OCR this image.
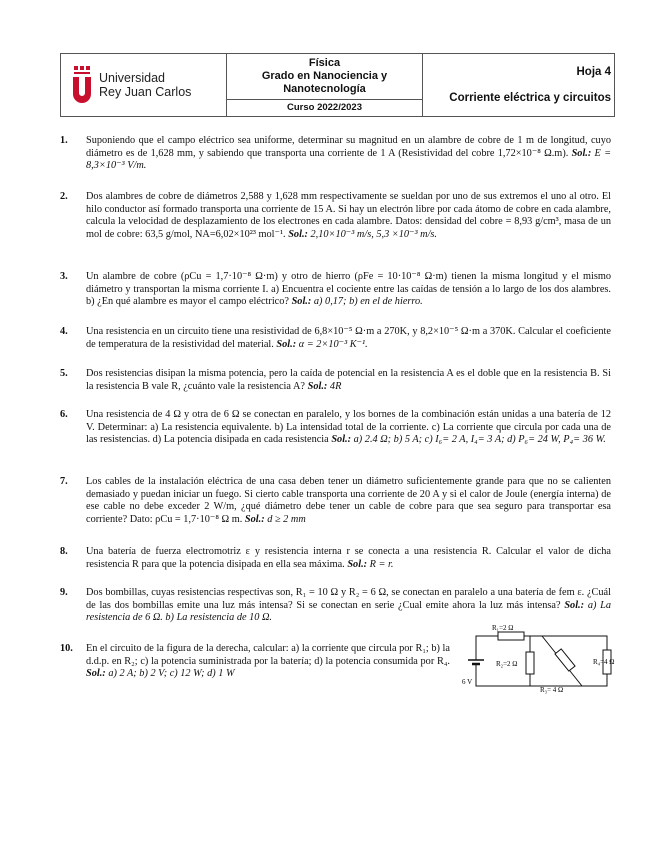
Universidad
Rey Juan Carlos

Física
Grado en Nanociencia y
Nanotecnología
Curso 2022/2023

Hoja 4
Corriente eléctrica y circuitos
1. Suponiendo que el campo eléctrico sea uniforme, determinar su magnitud en un alambre de cobre de 1 m de longitud, cuyo diámetro es de 1,628 mm, y sabiendo que transporta una corriente de 1 A (Resistividad del cobre 1,72×10⁻⁸ Ω.m). Sol.: E = 8,3×10⁻³ V/m.
2. Dos alambres de cobre de diámetros 2,588 y 1,628 mm respectivamente se sueldan por uno de sus extremos el uno al otro. El hilo conductor así formado transporta una corriente de 15 A. Si hay un electrón libre por cada átomo de cobre en cada alambre, calcula la velocidad de desplazamiento de los electrones en cada alambre. Datos: densidad del cobre = 8,93 g/cm³, masa de un mol de cobre: 63,5 g/mol, NA=6,02×10²³ mol⁻¹. Sol.: 2,10×10⁻³ m/s, 5,3 ×10⁻³ m/s.
3. Un alambre de cobre (ρCu = 1,7·10⁻⁸ Ω·m) y otro de hierro (ρFe = 10·10⁻⁸ Ω·m) tienen la misma longitud y el mismo diámetro y transportan la misma corriente I. a) Encuentra el cociente entre las caídas de tensión a lo largo de los dos alambres. b) ¿En qué alambre es mayor el campo eléctrico? Sol.: a) 0,17; b) en el de hierro.
4. Una resistencia en un circuito tiene una resistividad de 6,8×10⁻⁵ Ω·m a 270K, y 8,2×10⁻⁵ Ω·m a 370K. Calcular el coeficiente de temperatura de la resistividad del material. Sol.: α = 2×10⁻³ K⁻¹.
5. Dos resistencias disipan la misma potencia, pero la caída de potencial en la resistencia A es el doble que en la resistencia B. Si la resistencia B vale R, ¿cuánto vale la resistencia A? Sol.: 4R
6. Una resistencia de 4 Ω y otra de 6 Ω se conectan en paralelo, y los bornes de la combinación están unidas a una batería de 12 V. Determinar: a) La resistencia equivalente. b) La intensidad total de la corriente. c) La corriente que circula por cada una de las resistencias. d) La potencia disipada en cada resistencia Sol.: a) 2.4 Ω; b) 5 A; c) I₆= 2 A, I₄= 3 A; d) P₆= 24 W, P₄= 36 W.
7. Los cables de la instalación eléctrica de una casa deben tener un diámetro suficientemente grande para que no se calienten demasiado y puedan iniciar un fuego. Si cierto cable transporta una corriente de 20 A y si el calor de Joule (energía interna) de ese cable no debe exceder 2 W/m, ¿qué diámetro debe tener un cable de cobre para que sea seguro para transportar esa corriente? Dato: ρCu = 1,7·10⁻⁸ Ω m. Sol.: d ≥ 2 mm
8. Una batería de fuerza electromotriz ε y resistencia interna r se conecta a una resistencia R. Calcular el valor de dicha resistencia R para que la potencia disipada en ella sea máxima. Sol.: R = r.
9. Dos bombillas, cuyas resistencias respectivas son, R₁ = 10 Ω y R₂ = 6 Ω, se conectan en paralelo a una batería de fem ε. ¿Cuál de las dos bombillas emite una luz más intensa? Si se conectan en serie ¿Cual emite ahora la luz más intensa? Sol.: a) La resistencia de 6 Ω. b) La resistencia de 10 Ω.
10. En el circuito de la figura de la derecha, calcular: a) la corriente que circula por R₁; b) la d.d.p. en R₂; c) la potencia suministrada por la batería; d) la potencia consumida por R₄. Sol.: a) 2 A; b) 2 V; c) 12 W; d) 1 W
R₁=2 Ω
R₂=2 Ω
R₃= 4 Ω
R₄=4 Ω
6 V
